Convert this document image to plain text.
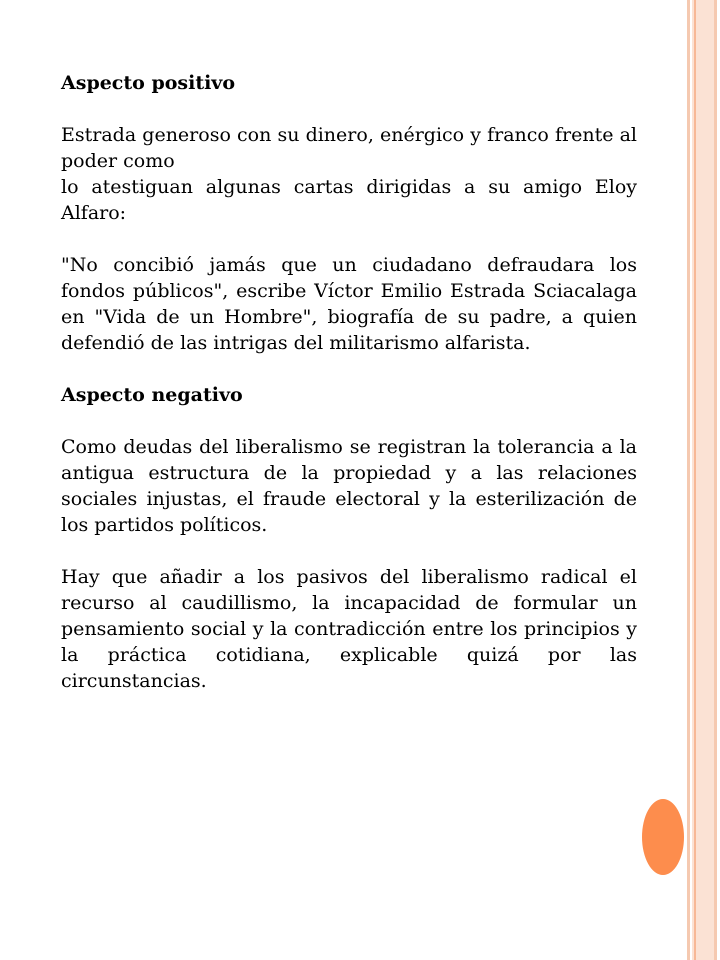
Aspecto positivo

Estrada generoso con su dinero, enérgico y franco frente al poder como

lo atestiguan algunas cartas dirigidas a su amigo Eloy Alfaro:

"No concibió jamás que un ciudadano defraudara los fondos públicos", escribe Víctor Emilio Estrada Sciacalaga en "Vida de un Hombre", biografía de su padre, a quien defendió de las intrigas del militarismo alfarista.

Aspecto negativo

Como deudas del liberalismo se registran la tolerancia a la antigua estructura de la propiedad y a las relaciones sociales injustas, el fraude electoral y la esterilización de los partidos políticos.

Hay que añadir a los pasivos del liberalismo radical el recurso al caudillismo, la incapacidad de formular un pensamiento social y la contradicción entre los principios y la práctica cotidiana, explicable quizá por las circunstancias.
